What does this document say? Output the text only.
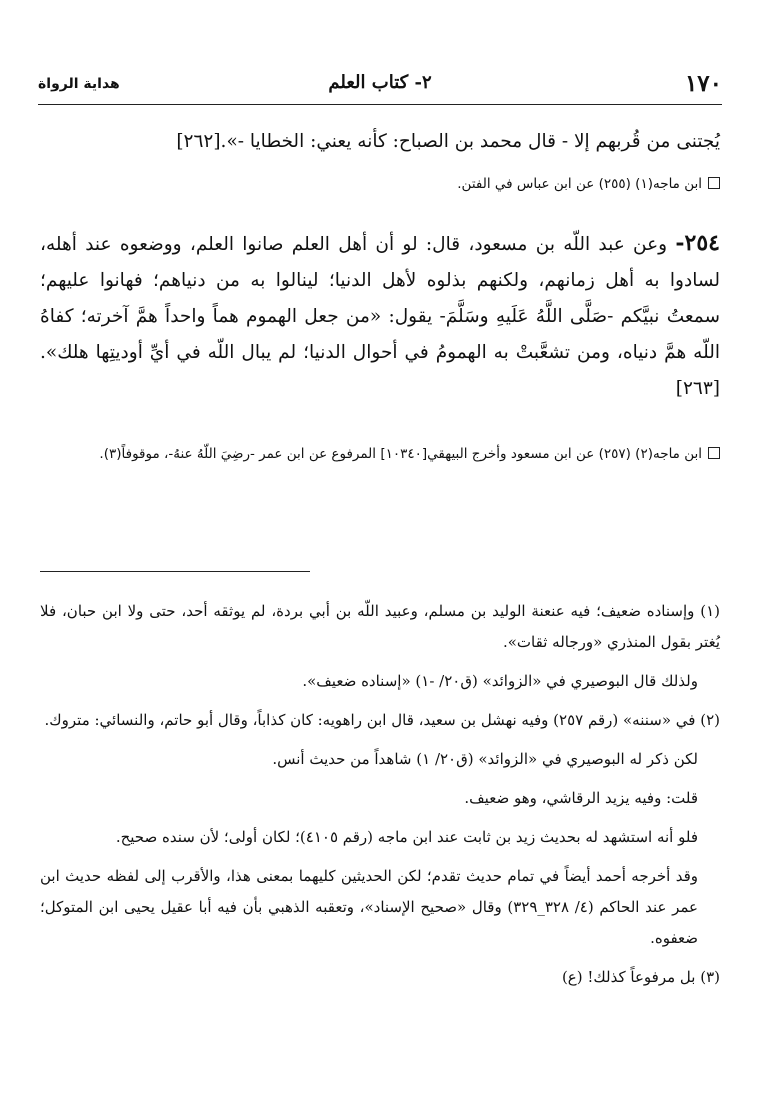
١٧٠
٢- كتاب العلم
هداية الرواة
يُجتنى من قُربهم إلا - قال محمد بن الصباح: كأنه يعني: الخطايا -».[٢٦٢]
ابن ماجه(١) (٢٥٥) عن ابن عباس في الفتن.
٢٥٤- وعن عبد اللّه بن مسعود، قال: لو أن أهل العلم صانوا العلم، ووضعوه عند أهله، لسادوا به أهل زمانهم، ولكنهم بذلوه لأهل الدنيا؛ لينالوا به من دنياهم؛ فهانوا عليهم؛ سمعتُ نبيَّكم -صَلَّى اللَّهُ عَلَيهِ وسَلَّمَ- يقول: «من جعل الهموم هماً واحداً همَّ آخرته؛ كفاهُ اللّه همَّ دنياه، ومن تشعَّبتْ به الهمومُ في أحوال الدنيا؛ لم يبال اللّه في أيِّ أوديتِها هلك».[٢٦٣]
ابن ماجه(٢) (٢٥٧) عن ابن مسعود وأخرج البيهقي[١٠٣٤٠] المرفوع عن ابن عمر -رضِيَ اللّهُ عنهُ-، موقوفاً(٣).

(١) وإسناده ضعيف؛ فيه عنعنة الوليد بن مسلم، وعبيد اللّه بن أبي بردة، لم يوثقه أحد، حتى ولا ابن حبان، فلا يُغتر بقول المنذري «ورجاله ثقات».

ولذلك قال البوصيري في «الزوائد» (ق٢٠/ -١) «إسناده ضعيف».

(٢) في «سننه» (رقم ٢٥٧) وفيه نهشل بن سعيد، قال ابن راهويه: كان كذاباً، وقال أبو حاتم، والنسائي: متروك.

لكن ذكر له البوصيري في «الزوائد» (ق٢٠/ ١) شاهداً من حديث أنس.

قلت: وفيه يزيد الرقاشي، وهو ضعيف.

فلو أنه استشهد له بحديث زيد بن ثابت عند ابن ماجه (رقم ٤١٠٥)؛ لكان أولى؛ لأن سنده صحيح.

وقد أخرجه أحمد أيضاً في تمام حديث تقدم؛ لكن الحديثين كليهما بمعنى هذا، والأقرب إلى لفظه حديث ابن عمر عند الحاكم (٤/ ٣٢٨_٣٢٩) وقال «صحيح الإسناد»، وتعقبه الذهبي بأن فيه أبا عقيل يحيى ابن المتوكل؛ ضعفوه.

(٣) بل مرفوعاً كذلك! (ع)
